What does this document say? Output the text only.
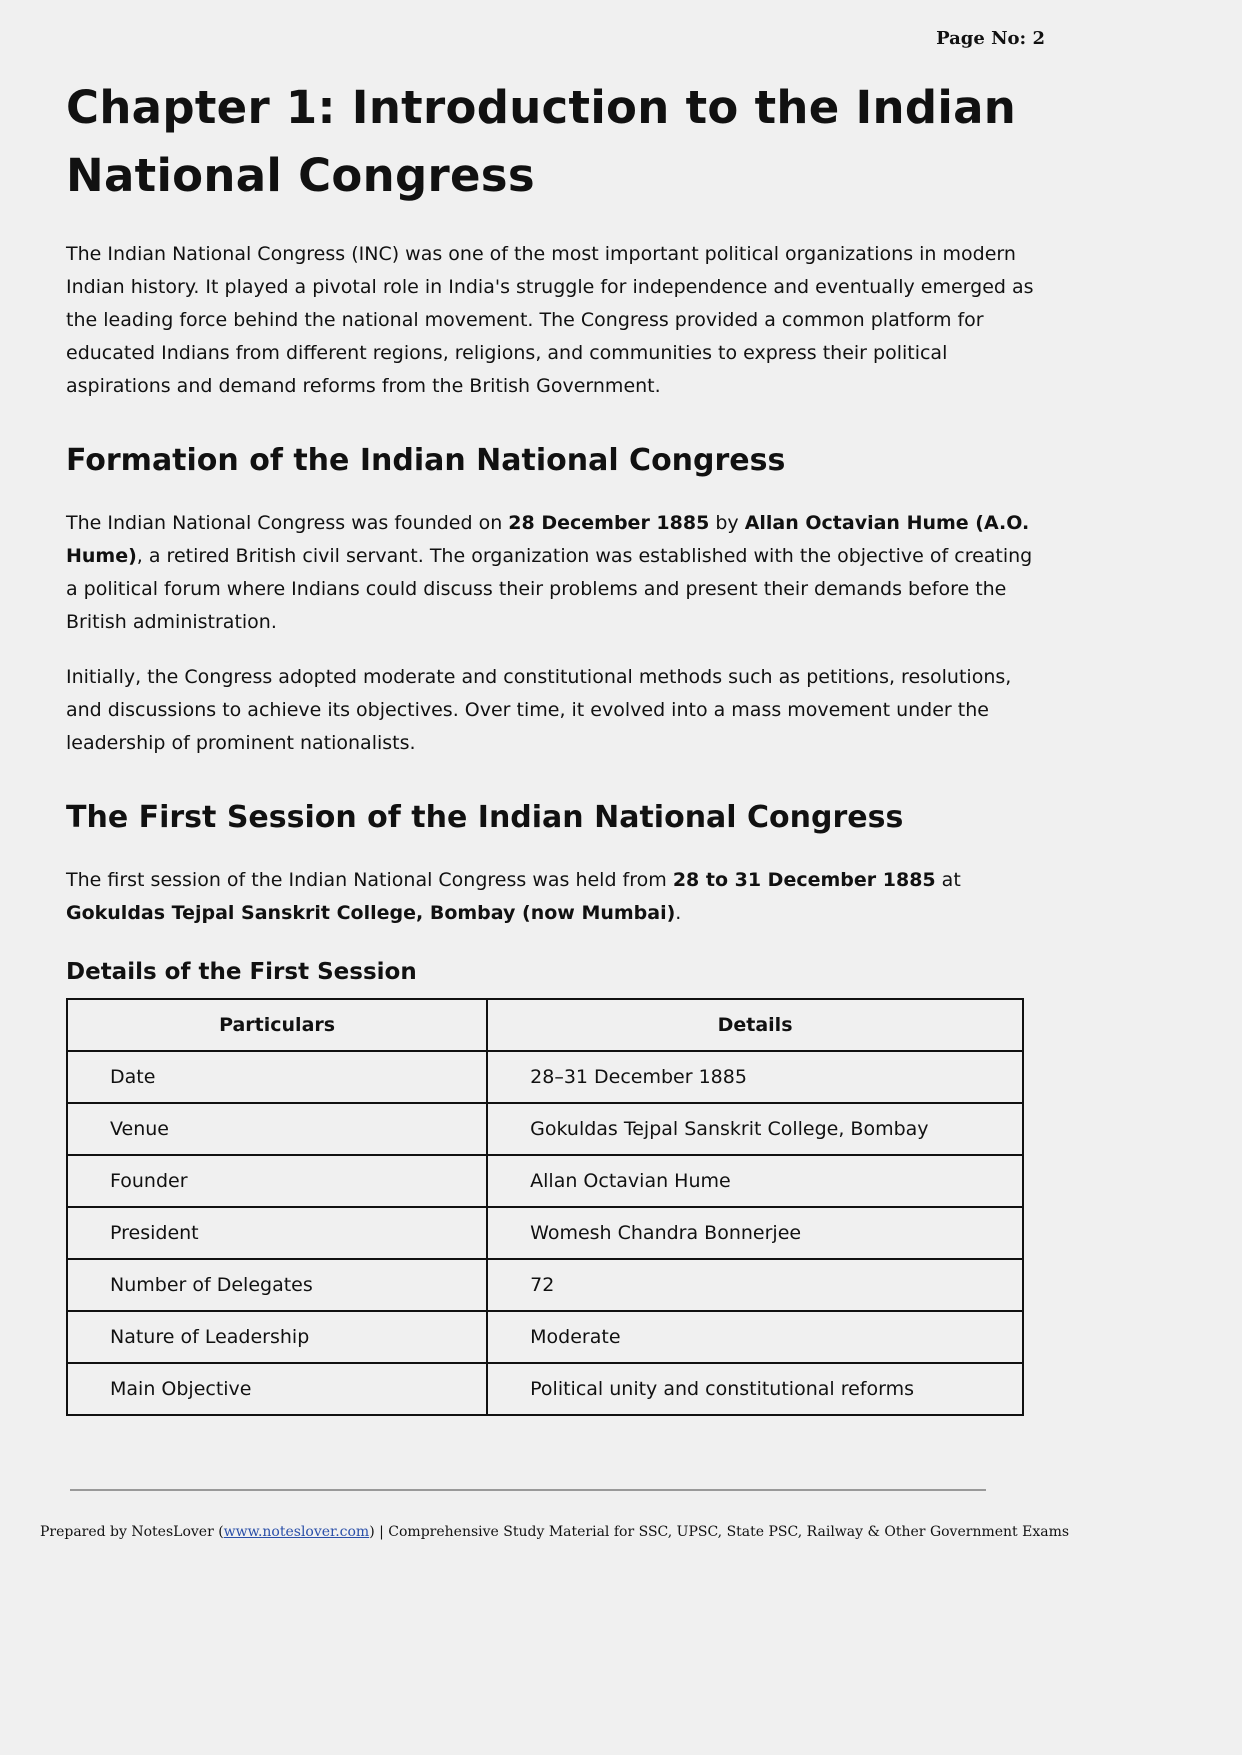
Page No: 2
Chapter 1: Introduction to the Indian National Congress

The Indian National Congress (INC) was one of the most important political organizations in modern Indian history. It played a pivotal role in India's struggle for independence and eventually emerged as the leading force behind the national movement. The Congress provided a common platform for educated Indians from different regions, religions, and communities to express their political aspirations and demand reforms from the British Government.

Formation of the Indian National Congress

The Indian National Congress was founded on 28 December 1885 by Allan Octavian Hume (A.O. Hume), a retired British civil servant. The organization was established with the objective of creating a political forum where Indians could discuss their problems and present their demands before the British administration.

Initially, the Congress adopted moderate and constitutional methods such as petitions, resolutions, and discussions to achieve its objectives. Over time, it evolved into a mass movement under the leadership of prominent nationalists.

The First Session of the Indian National Congress

The first session of the Indian National Congress was held from 28 to 31 December 1885 at Gokuldas Tejpal Sanskrit College, Bombay (now Mumbai).

Details of the First Session
Particulars	Details
Date	28–31 December 1885
Venue	Gokuldas Tejpal Sanskrit College, Bombay
Founder	Allan Octavian Hume
President	Womesh Chandra Bonnerjee
Number of Delegates	72
Nature of Leadership	Moderate
Main Objective	Political unity and constitutional reforms
Prepared by NotesLover (www.noteslover.com) | Comprehensive Study Material for SSC, UPSC, State PSC, Railway & Other Government Exams
